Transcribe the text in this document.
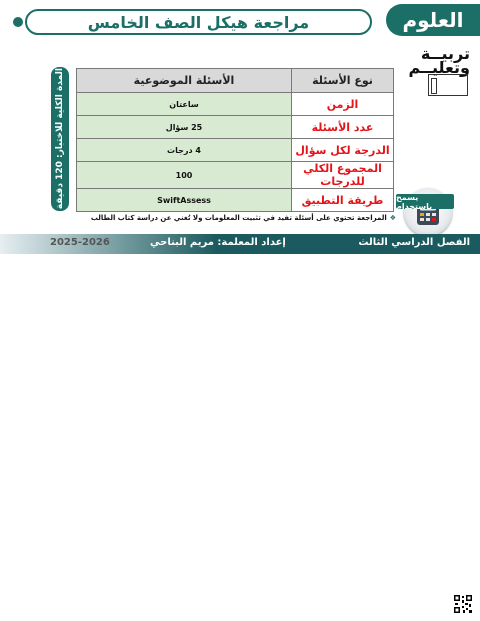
العلوم
مراجعة هيكل الصف الخامس
تربيــة
وتعليــم
المدة الكلية للاختبار: 120 دقيقة	نوع الأسئلة	الأسئلة الموضوعية
الزمن	ساعتان
عدد الأسئلة	25 سؤال
الدرجة لكل سؤال	4 درجات
المجموع الكلي للدرجات	100
طريقة التطبيق	SwiftAssess	يسمح باستخدام
❖المراجعة تحتوي على أسئلة تفيد في تثبيت المعلومات ولا تُغني عن دراسة كتاب الطالب
الفصل الدراسي الثالث
إعداد المعلمة: مريم البناحي
2025-2026
